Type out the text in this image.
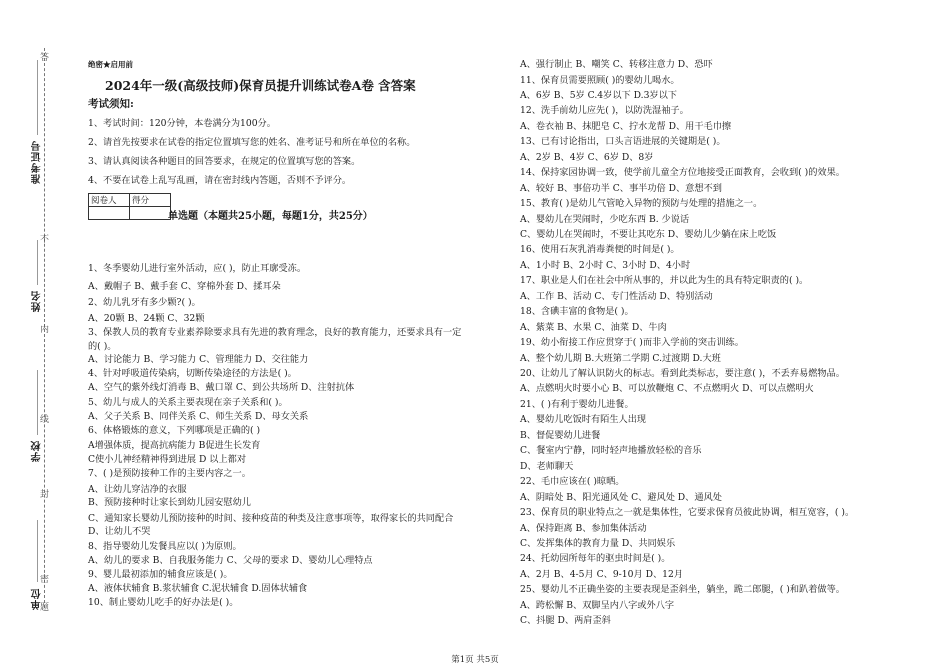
答
不
内
线
封
密
题
准考证号
姓名
学校
单位
绝密★启用前
2024年一级(高级技师)保育员提升训练试卷A卷 含答案
考试须知:
1、考试时间：120分钟，本卷满分为100分。
2、请首先按要求在试卷的指定位置填写您的姓名、准考证号和所在单位的名称。
3、请认真阅读各种题目的回答要求，在规定的位置填写您的答案。
4、不要在试卷上乱写乱画，请在密封线内答题，否则不予评分。
阅卷人	得分

单选题（本题共25小题，每题1分，共25分）
1、冬季婴幼儿进行室外活动，应( )，防止耳廓受冻。
A、戴帽子 B、戴手套 C、穿棉外套 D、揉耳朵
2、幼儿乳牙有多少颗?( )。
A、20颗 B、24颗 C、32颗
3、保教人员的教育专业素养除要求具有先进的教育理念，良好的教育能力，还要求具有一定
的( )。
A、讨论能力 B、学习能力 C、管理能力 D、交往能力
4、针对呼吸道传染病，切断传染途径的方法是( )。
A、空气的紫外线灯消毒 B、戴口罩 C、到公共场所 D、注射抗体
5、幼儿与成人的关系主要表现在亲子关系和( )。
A、父子关系 B、同伴关系 C、师生关系 D、母女关系
6、体格锻炼的意义，下列哪项是正确的( )
A增强体质，提高抗病能力 B促进生长发育
C使小儿神经精神得到进展 D 以上都对
7、( )是预防接种工作的主要内容之一。
A、让幼儿穿洁净的衣服
B、预防接种时让家长到幼儿园安慰幼儿
C、通知家长婴幼儿预防接种的时间、接种疫苗的种类及注意事项等，取得家长的共同配合
D、让幼儿不哭
8、指导婴幼儿发餐具应以( )为原则。
A、幼儿的要求 B、自我服务能力 C、父母的要求 D、婴幼儿心理特点
9、婴儿最初添加的辅食应该是( )。
A、液体状辅食 B.浆状辅食 C.泥状辅食 D.固体状辅食
10、制止婴幼儿吃手的好办法是( )。
A、强行制止 B、嘲笑 C、转移注意力 D、恐吓
11、保育员需要照顾( )的婴幼儿喝水。
A、6岁 B、5岁 C.4岁以下 D.3岁以下
12、洗手前幼儿应先( )，以防洗湿袖子。
A、卷衣袖 B、抹肥皂 C、拧水龙帮 D、用干毛巾擦
13、已有讨论指出，口头言语进展的关键期是( )。
A、2岁 B、4岁 C、6岁 D、8岁
14、保持家园协调一致，使学前儿童全方位地接受正面教育，会收到( )的效果。
A、较好 B、事倍功半 C、事半功倍 D、意想不到
15、教育( )是幼儿气管呛入异物的预防与处理的措施之一。
A、婴幼儿在哭闹时，少吃东西 B. 少说话
C、婴幼儿在哭闹时，不要让其吃东 D、婴幼儿少躺在床上吃饭
16、使用石灰乳消毒粪便的时间是( )。
A、1小时 B、2小时 C、3小时 D、4小时
17、职业是人们在社会中所从事的，并以此为生的具有特定职责的( )。
A、工作 B、活动 C、专门性活动 D、特别活动
18、含碘丰富的食物是( )。
A、紫菜 B、水果 C、油菜 D、牛肉
19、幼小衔接工作应贯穿于( )而非入学前的突击训练。
A、整个幼儿期 B.大班第二学期 C.过渡期 D.大班
20、让幼儿了解认识防火的标志。看到此类标志，要注意( )，不丢弃易燃物品。
A、点燃明火时要小心 B、可以放鞭炮 C、不点燃明火 D、可以点燃明火
21、( )有利于婴幼儿进餐。
A、婴幼儿吃饭时有陌生人出现
B、督促婴幼儿进餐
C、餐室内宁静，同时轻声地播放轻松的音乐
D、老师聊天
22、毛巾应该在( )晾晒。
A、阴暗处 B、阳光通风处 C、避风处 D、通风处
23、保育员的职业特点之一就是集体性，它要求保育员彼此协调，相互宽容，( )。
A、保持距离 B、参加集体活动
C、发挥集体的教育力量 D、共同娱乐
24、托幼园所每年的驱虫时间是( )。
A、2月 B、4-5月 C、9-10月 D、12月
25、婴幼儿不正确坐姿的主要表现是歪斜坐，躺坐，跪二郎腿，( )和趴着做等。
A、跨松懈 B、双脚呈内八字或外八字
C、抖腿 D、两肩歪斜
第1页 共5页
